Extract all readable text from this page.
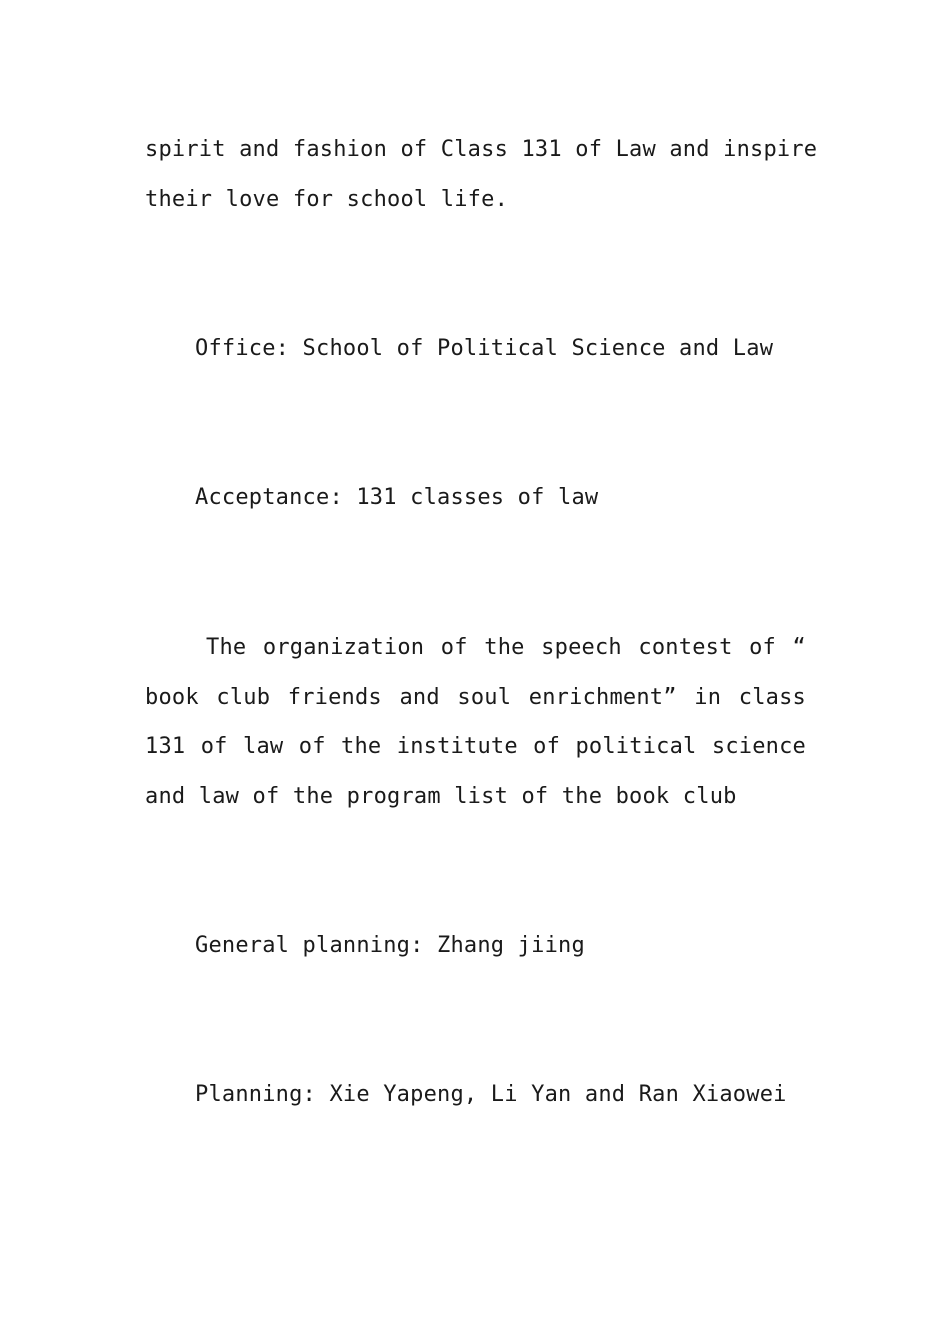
spirit and fashion of Class 131 of Law and inspire
their love for school life.
Office: School of Political Science and Law
Acceptance: 131 classes of law
The organization of the speech contest of “
book club friends and soul enrichment” in class
131 of law of the institute of political science
and law of the program list of the book club
General planning: Zhang jiing
Planning: Xie Yapeng, Li Yan and Ran Xiaowei
